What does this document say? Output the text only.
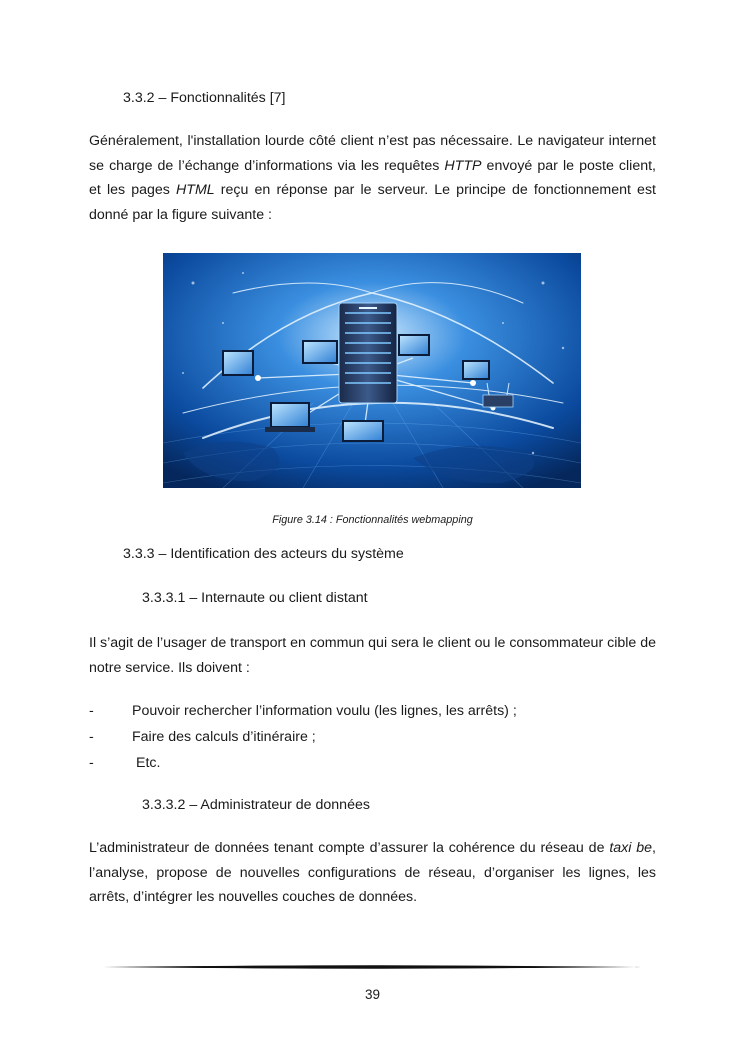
3.3.2 – Fonctionnalités [7]

Généralement, l'installation lourde côté client n’est pas nécessaire. Le navigateur internet se charge de l’échange d’informations via les requêtes HTTP envoyé par le poste client, et les pages HTML reçu en réponse par le serveur. Le principe de fonctionnement est donné par la figure suivante :

Figure 3.14 : Fonctionnalités webmapping
3.3.3 – Identification des acteurs du système
3.3.3.1 – Internaute ou client distant

Il s’agit de l’usager de transport en commun qui sera le client ou le consommateur cible de notre service. Ils doivent :

-	Pouvoir rechercher l’information voulu (les lignes, les arrêts) ;
-	Faire des calculs d’itinéraire ;
-	Etc.
3.3.3.2 – Administrateur de données

L’administrateur de données tenant compte d’assurer la cohérence du réseau de taxi be, l’analyse, propose de nouvelles configurations de réseau, d’organiser les lignes, les arrêts, d’intégrer les nouvelles couches de données.

39
